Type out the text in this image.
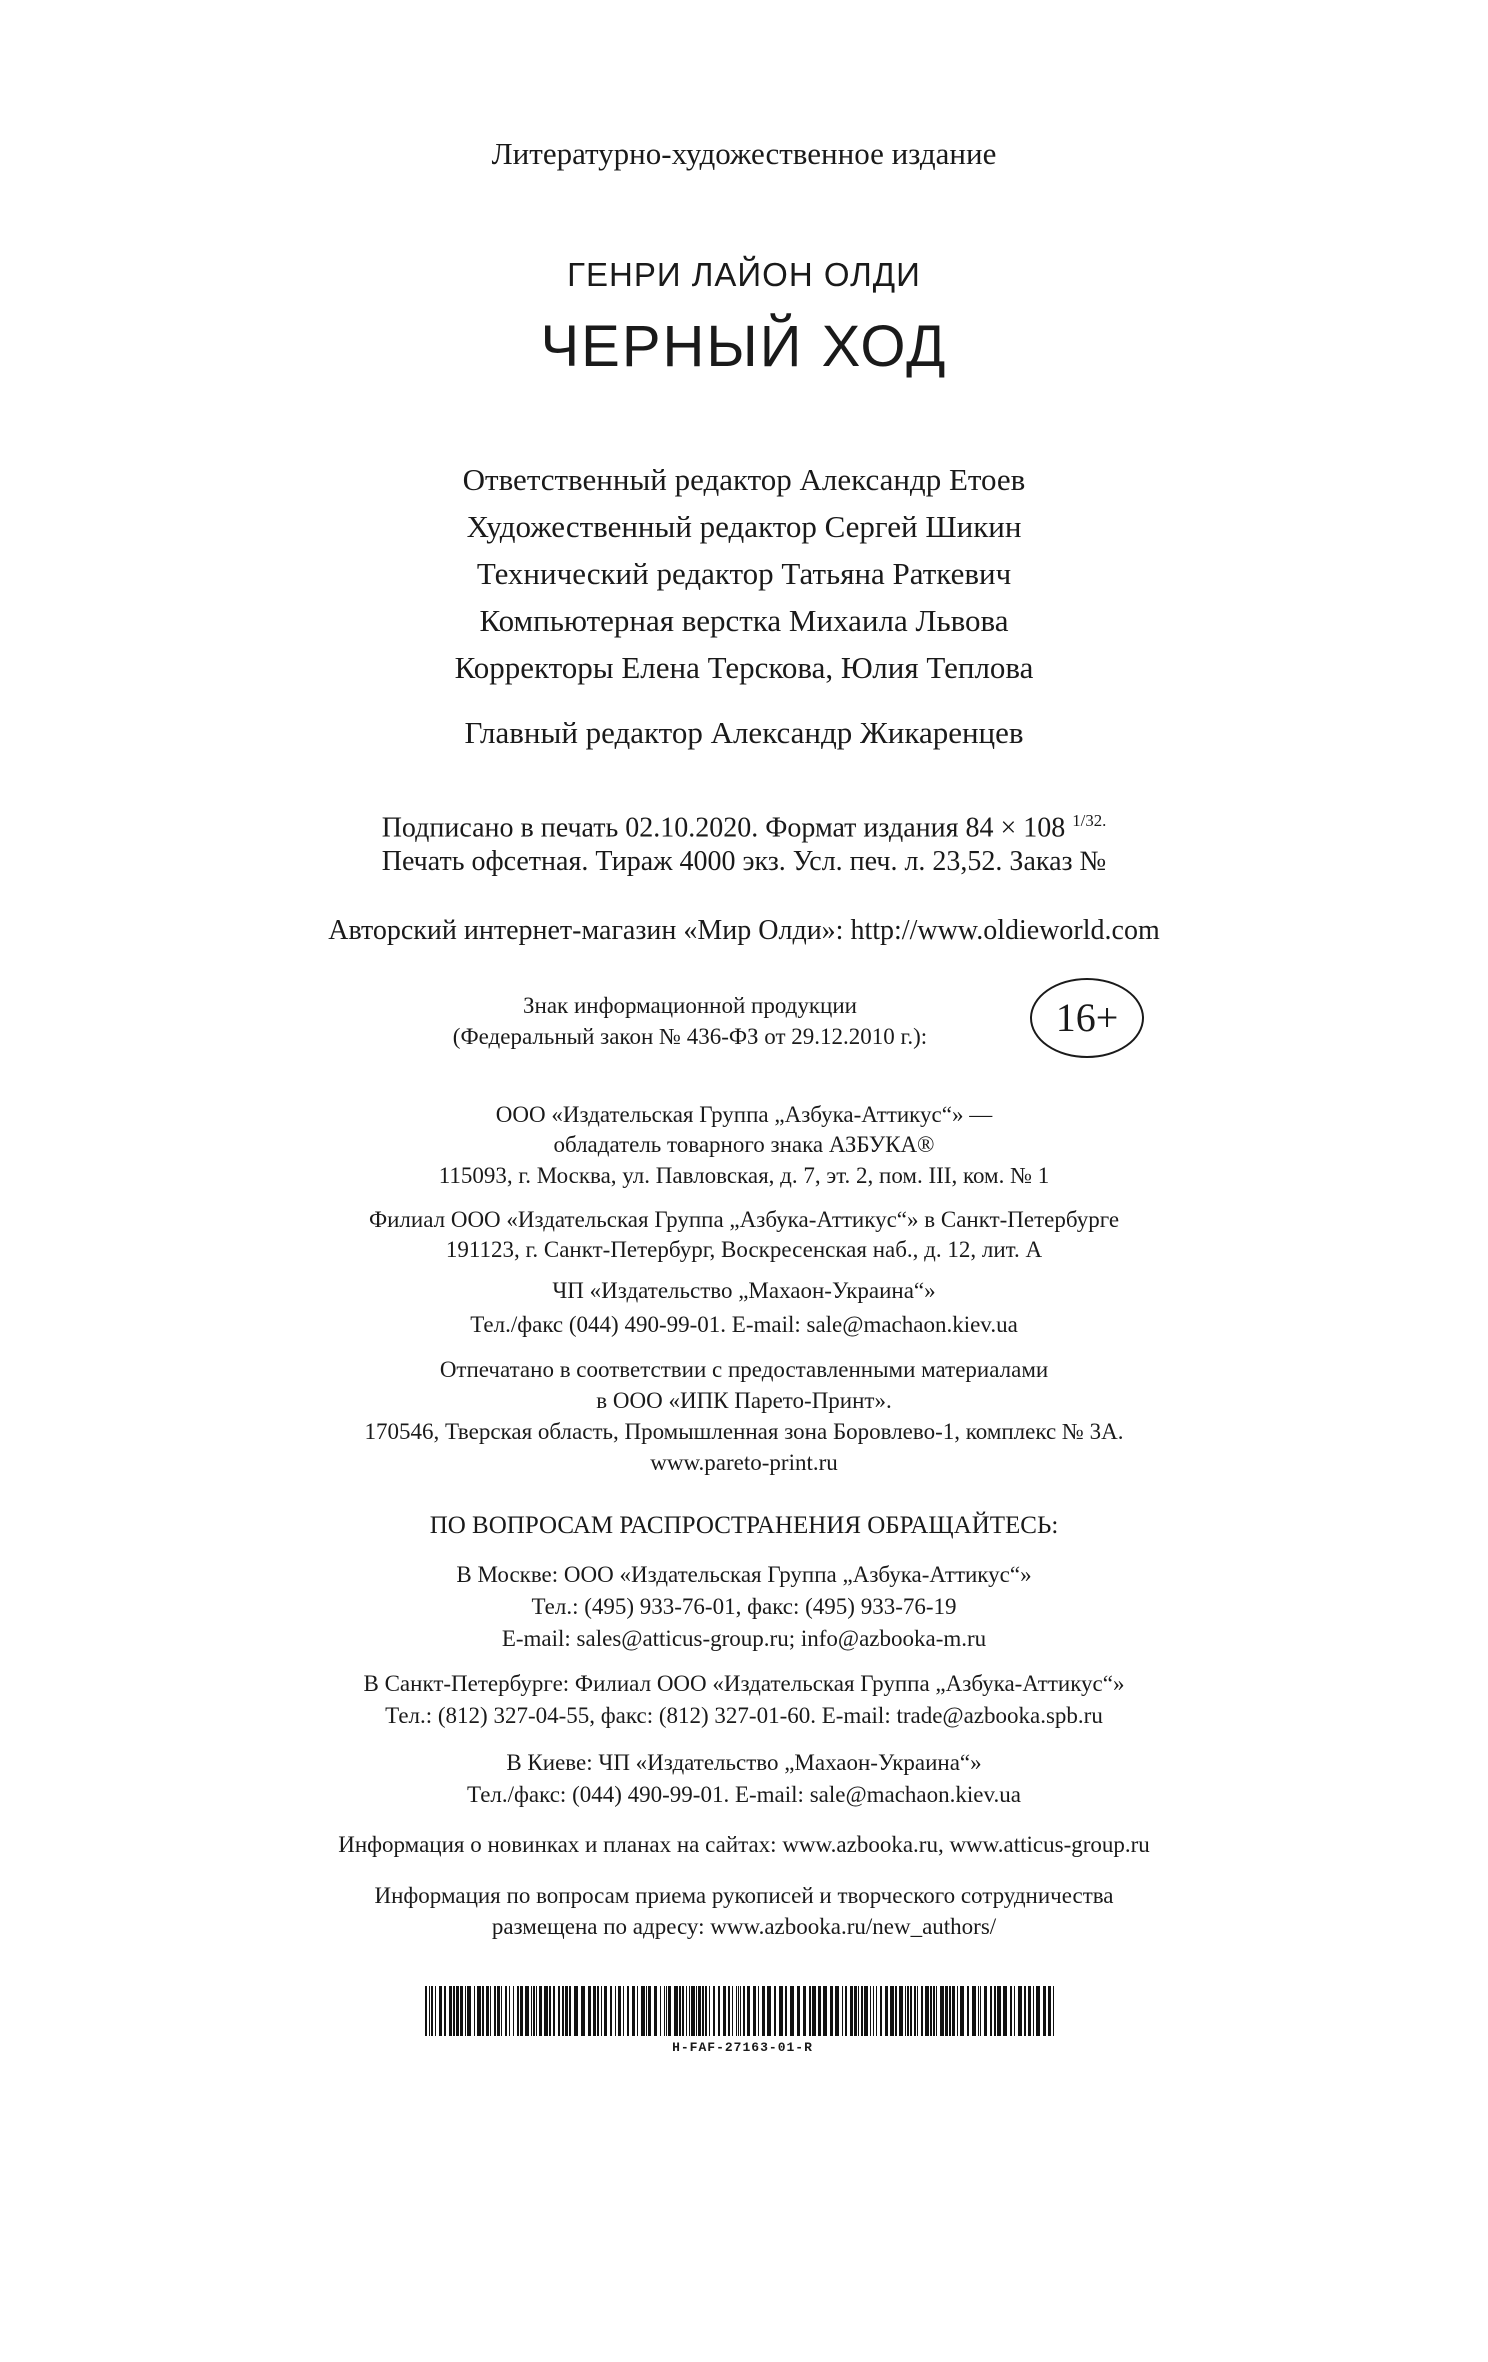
Литературно-художественное издание
ГЕНРИ ЛАЙОН ОЛДИ
ЧЕРНЫЙ ХОД
Ответственный редактор Александр Етоев
Художественный редактор Сергей Шикин
Технический редактор Татьяна Раткевич
Компьютерная верстка Михаила Львова
Корректоры Елена Терскова, Юлия Теплова
Главный редактор Александр Жикаренцев
Подписано в печать 02.10.2020. Формат издания 84 × 108 $^{1/32.}$
Печать офсетная. Тираж 4000 экз. Усл. печ. л. 23,52. Заказ №
Авторский интернет-магазин «Мир Олди»: http://www.oldieworld.com
Знак информационной продукции
(Федеральный закон № 436-ФЗ от 29.12.2010 г.):	16+
ООО «Издательская Группа „Азбука-Аттикус“» —
обладатель товарного знака АЗБУКА®
115093, г. Москва, ул. Павловская, д. 7, эт. 2, пом. III, ком. № 1
Филиал ООО «Издательская Группа „Азбука-Аттикус“» в Санкт-Петербурге
191123, г. Санкт-Петербург, Воскресенская наб., д. 12, лит. А
ЧП «Издательство „Махаон-Украина“»
Тел./факс (044) 490-99-01. E-mail: sale@machaon.kiev.ua
Отпечатано в соответствии с предоставленными материалами
в ООО «ИПК Парето-Принт».
170546, Тверская область, Промышленная зона Боровлево-1, комплекс № 3А.
www.pareto-print.ru
ПО ВОПРОСАМ РАСПРОСТРАНЕНИЯ ОБРАЩАЙТЕСЬ:
В Москве: ООО «Издательская Группа „Азбука-Аттикус“»
Тел.: (495) 933-76-01, факс: (495) 933-76-19
E-mail: sales@atticus-group.ru; info@azbooka-m.ru
В Санкт-Петербурге: Филиал ООО «Издательская Группа „Азбука-Аттикус“»
Тел.: (812) 327-04-55, факс: (812) 327-01-60. E-mail: trade@azbooka.spb.ru
В Киеве: ЧП «Издательство „Махаон-Украина“»
Тел./факс: (044) 490-99-01. E-mail: sale@machaon.kiev.ua
Информация о новинках и планах на сайтах: www.azbooka.ru, www.atticus-group.ru
Информация по вопросам приема рукописей и творческого сотрудничества
размещена по адресу: www.azbooka.ru/new_authors/
H-FAF-27163-01-R
